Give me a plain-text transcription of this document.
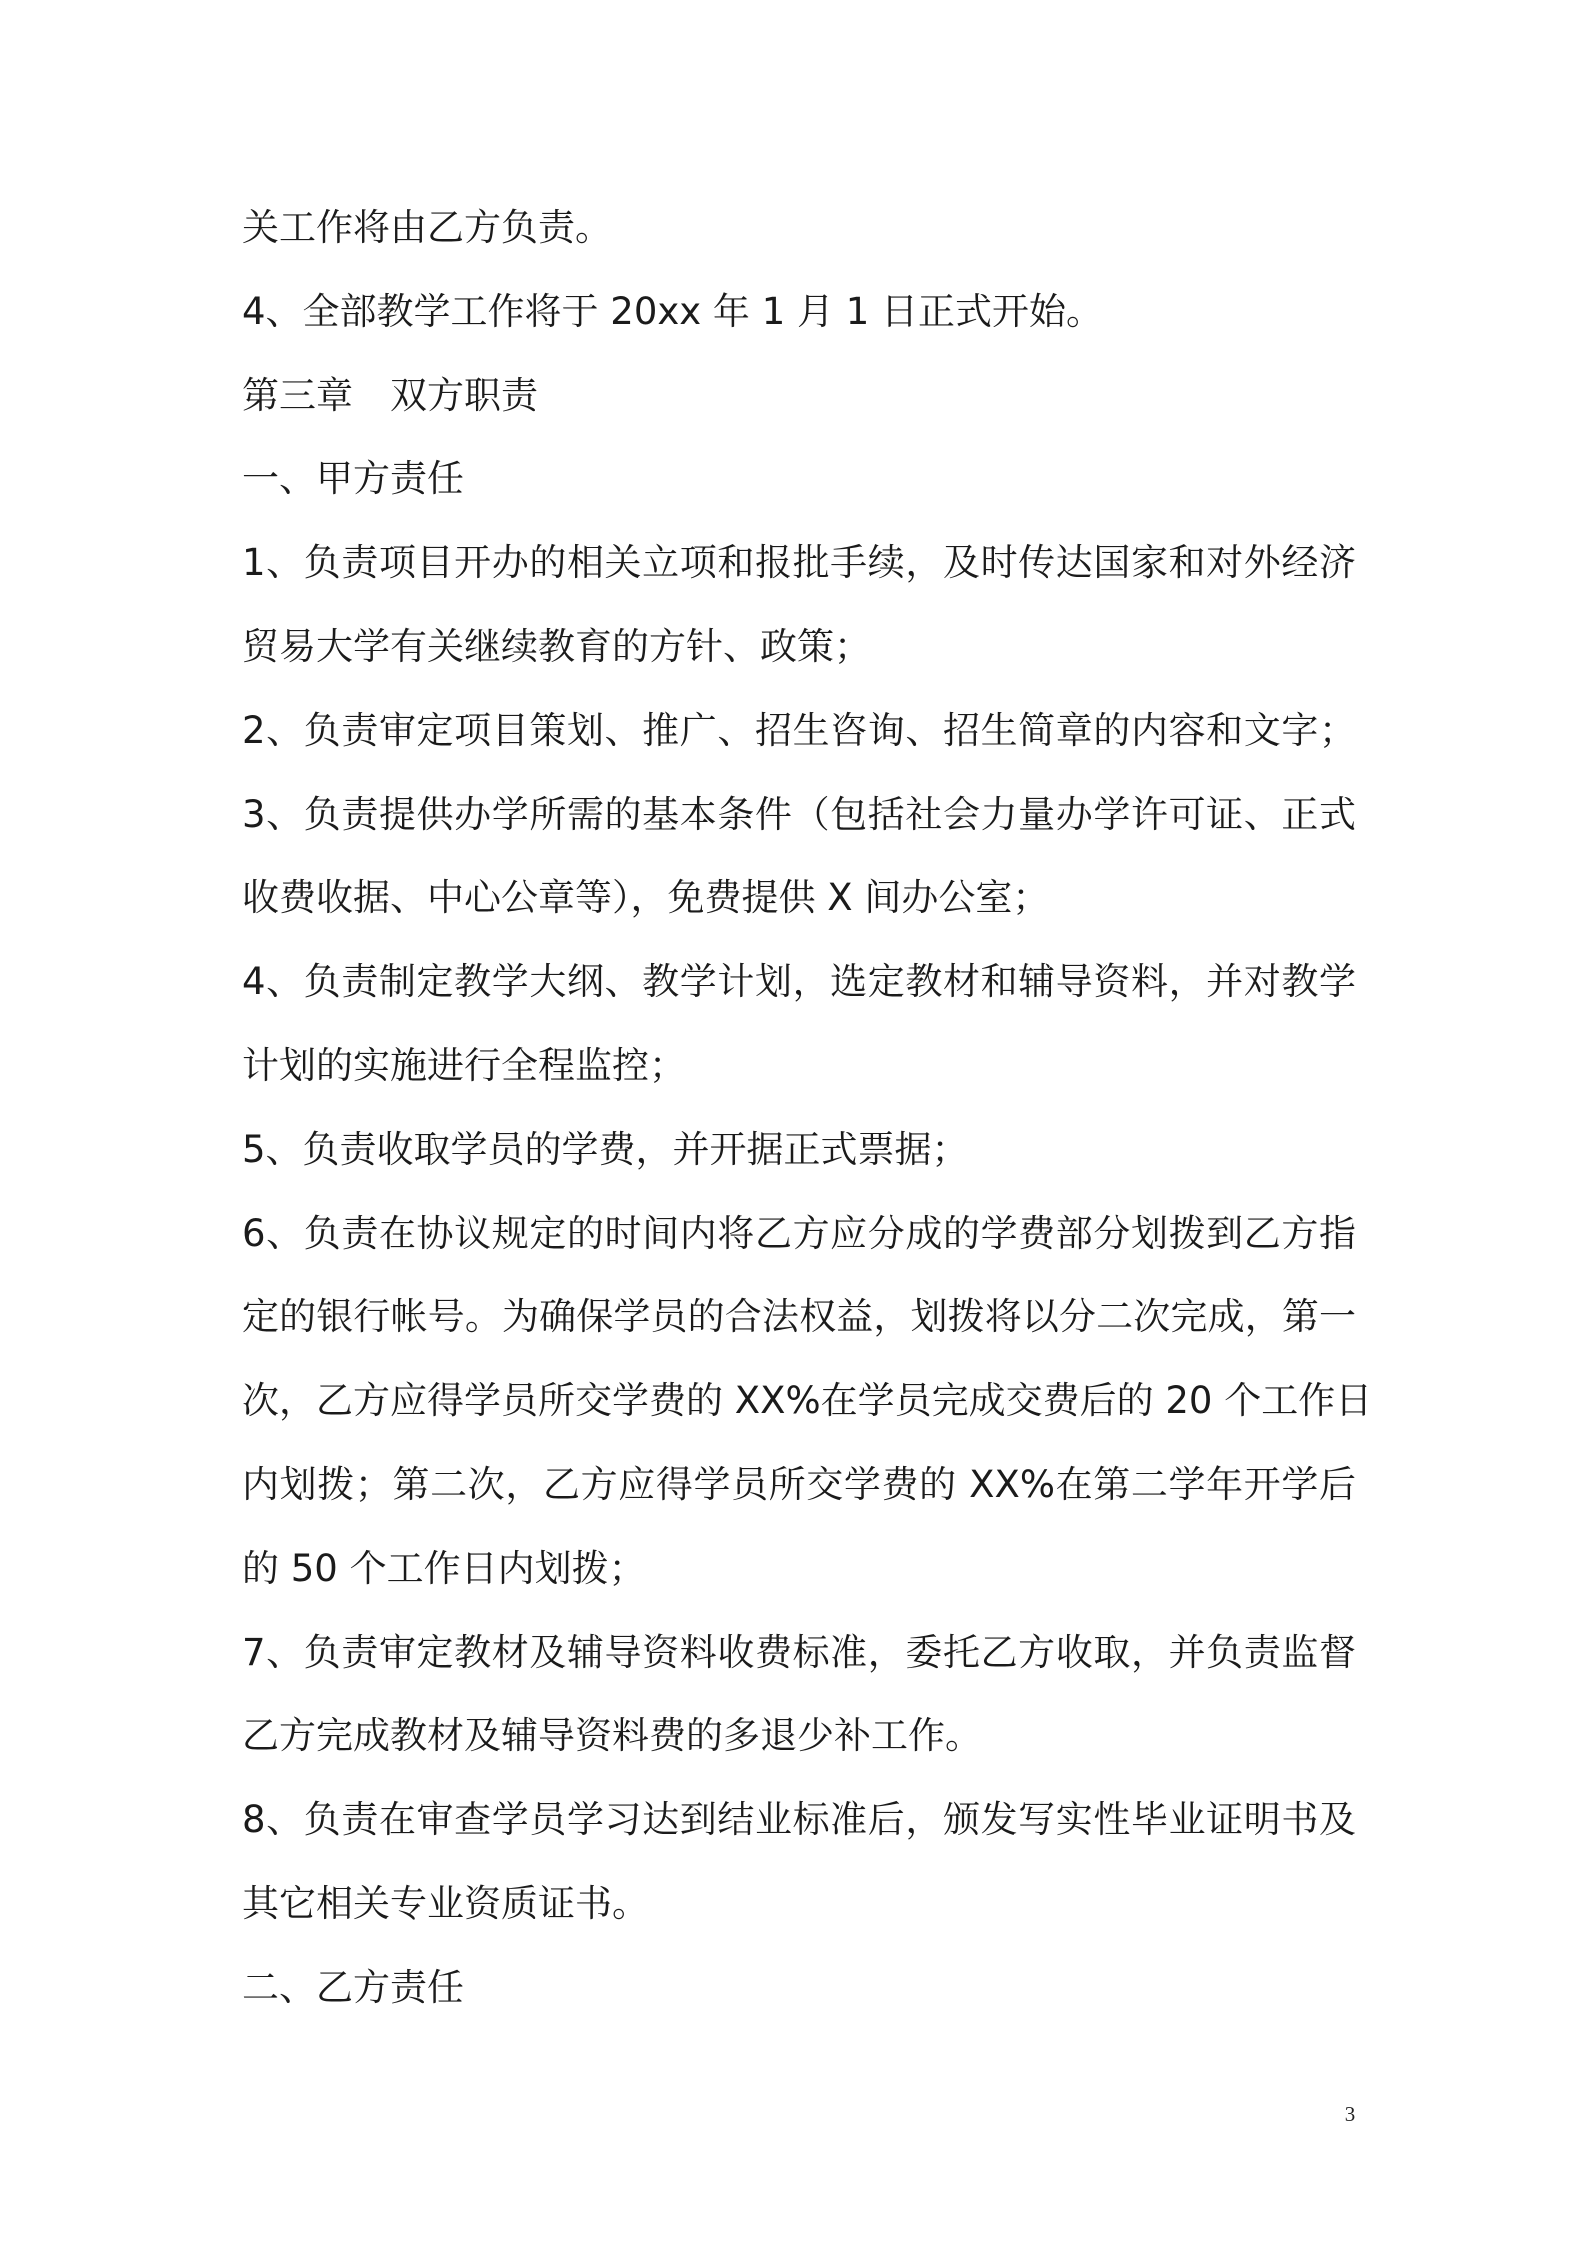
关工作将由乙方负责。
4、全部教学工作将于 20xx 年 1 月 1 日正式开始。
第三章　双方职责
一、甲方责任
1、负责项目开办的相关立项和报批手续，及时传达国家和对外经济
贸易大学有关继续教育的方针、政策；
2、负责审定项目策划、推广、招生咨询、招生简章的内容和文字；
3、负责提供办学所需的基本条件（包括社会力量办学许可证、正式
收费收据、中心公章等），免费提供 X 间办公室；
4、负责制定教学大纲、教学计划，选定教材和辅导资料，并对教学
计划的实施进行全程监控；
5、负责收取学员的学费，并开据正式票据；
6、负责在协议规定的时间内将乙方应分成的学费部分划拨到乙方指
定的银行帐号。为确保学员的合法权益，划拨将以分二次完成，第一
次，乙方应得学员所交学费的 XX%在学员完成交费后的 20 个工作日
内划拨；第二次，乙方应得学员所交学费的 XX%在第二学年开学后
的 50 个工作日内划拨；
7、负责审定教材及辅导资料收费标准，委托乙方收取，并负责监督
乙方完成教材及辅导资料费的多退少补工作。
8、负责在审查学员学习达到结业标准后，颁发写实性毕业证明书及
其它相关专业资质证书。
二、乙方责任
3
